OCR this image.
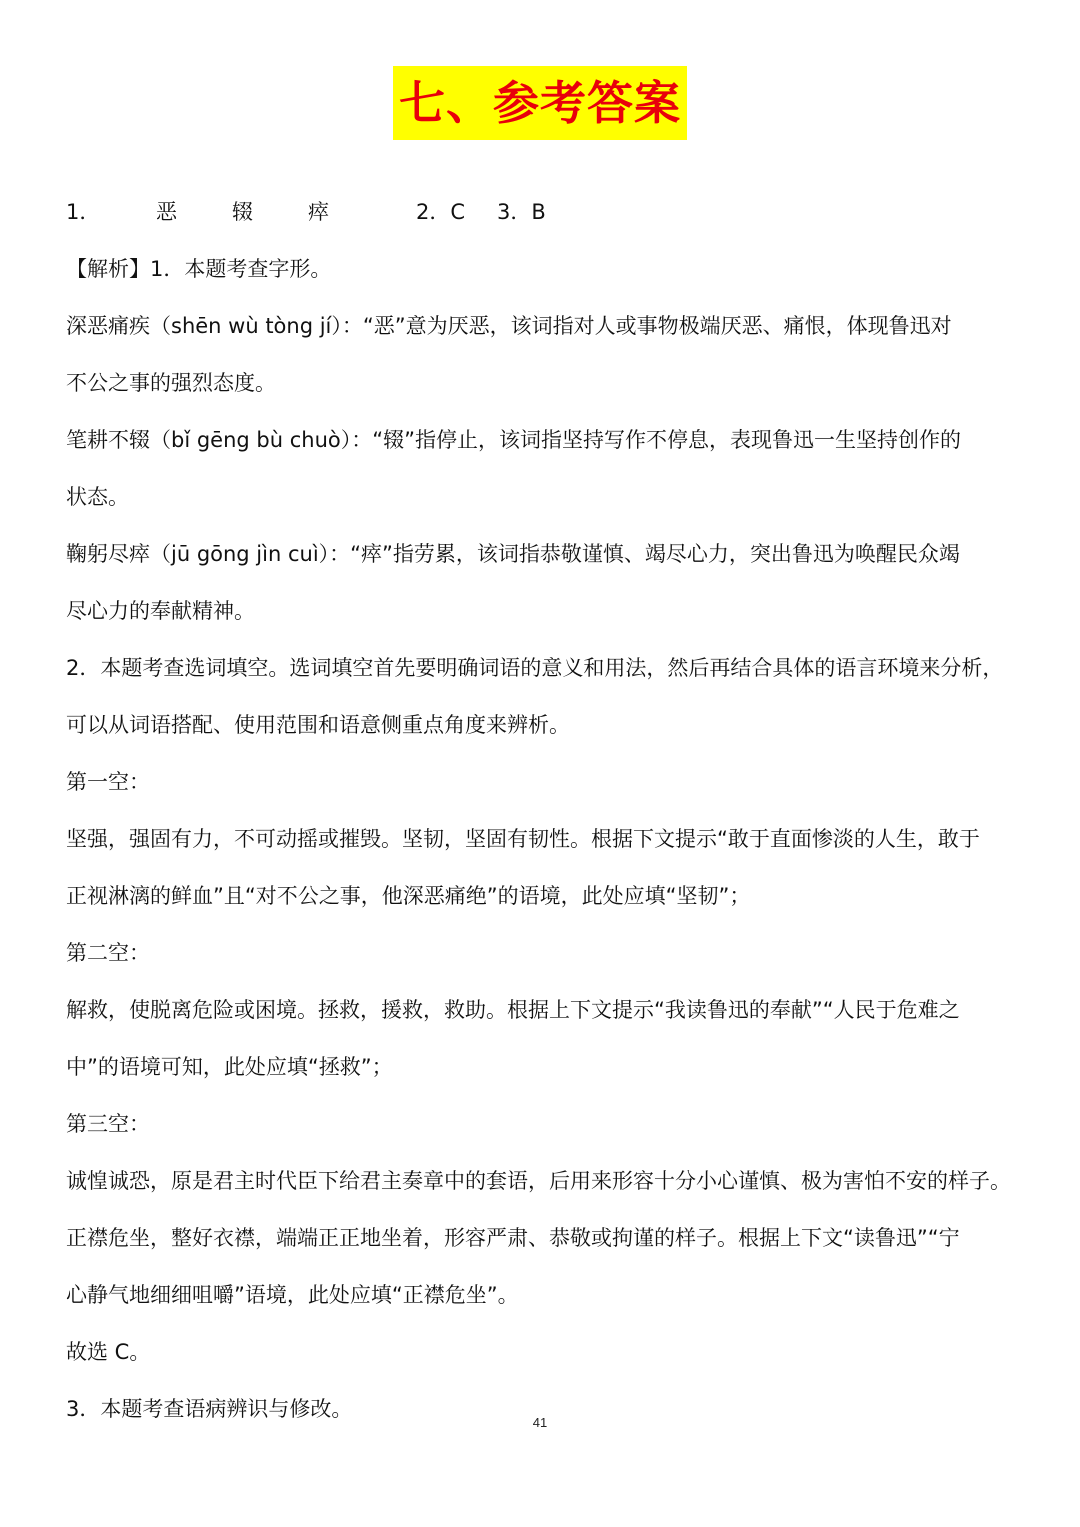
七、参考答案
1．	恶	辍	瘁	2．C 3．B
【解析】1．本题考查字形。
深恶痛疾（shēn wù tòng jí）：“恶”意为厌恶，该词指对人或事物极端厌恶、痛恨，体现鲁迅对
不公之事的强烈态度。
笔耕不辍（bǐ gēng bù chuò）：“辍”指停止，该词指坚持写作不停息，表现鲁迅一生坚持创作的
状态。
鞠躬尽瘁（jū gōng jìn cuì）：“瘁”指劳累，该词指恭敬谨慎、竭尽心力，突出鲁迅为唤醒民众竭
尽心力的奉献精神。
2．本题考查选词填空。选词填空首先要明确词语的意义和用法，然后再结合具体的语言环境来分析，
可以从词语搭配、使用范围和语意侧重点角度来辨析。
第一空：
坚强，强固有力，不可动摇或摧毁。坚韧，坚固有韧性。根据下文提示“敢于直面惨淡的人生，敢于
正视淋漓的鲜血”且“对不公之事，他深恶痛绝”的语境，此处应填“坚韧”；
第二空：
解救，使脱离危险或困境。拯救，援救，救助。根据上下文提示“我读鲁迅的奉献”“人民于危难之
中”的语境可知，此处应填“拯救”；
第三空：
诚惶诚恐，原是君主时代臣下给君主奏章中的套语，后用来形容十分小心谨慎、极为害怕不安的样子。
正襟危坐，整好衣襟，端端正正地坐着，形容严肃、恭敬或拘谨的样子。根据上下文“读鲁迅”“宁
心静气地细细咀嚼”语境，此处应填“正襟危坐”。
故选 C。
3．本题考查语病辨识与修改。
41
